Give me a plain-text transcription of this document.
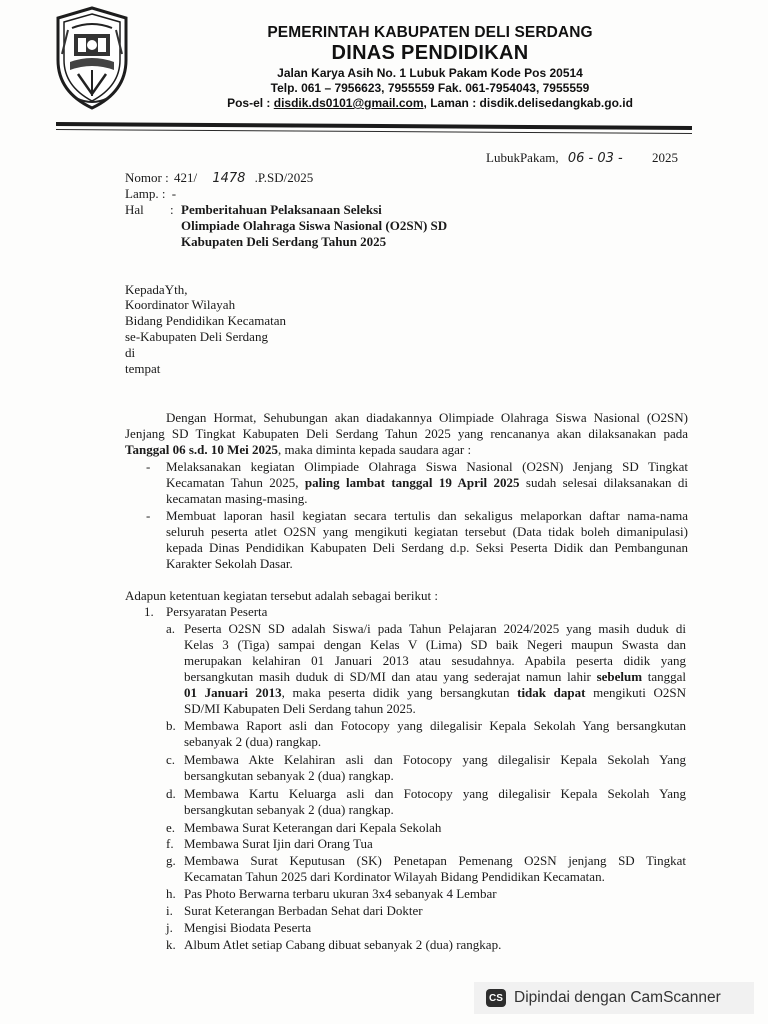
PEMERINTAH KABUPATEN DELI SERDANG
DINAS PENDIDIKAN
Jalan Karya Asih No. 1 Lubuk Pakam Kode Pos 20514
Telp. 061 – 7956623, 7955559 Fak. 061-7954043, 7955559
Pos-el : disdik.ds0101@gmail.com, Laman : disdik.delisedangkab.go.id
LubukPakam, 06 - 03 - 2025
Nomor : 421/ 1478 .P.SD/2025
Lamp. : -
Hal : Pemberitahuan Pelaksanaan Seleksi
Olimpiade Olahraga Siswa Nasional (O2SN) SD
Kabupaten Deli Serdang Tahun 2025
KepadaYth,
Koordinator Wilayah
Bidang Pendidikan Kecamatan
se-Kabupaten Deli Serdang
di
tempat
Dengan Hormat, Sehubungan akan diadakannya Olimpiade Olahraga Siswa Nasional (O2SN)
Jenjang SD Tingkat Kabupaten Deli Serdang Tahun 2025 yang rencananya akan dilaksanakan pada
Tanggal 06 s.d. 10 Mei 2025, maka diminta kepada saudara agar :
- Melaksanakan kegiatan Olimpiade Olahraga Siswa Nasional (O2SN) Jenjang SD Tingkat
Kecamatan Tahun 2025, paling lambat tanggal 19 April 2025 sudah selesai dilaksanakan di
kecamatan masing-masing.
- Membuat laporan hasil kegiatan secara tertulis dan sekaligus melaporkan daftar nama-nama
seluruh peserta atlet O2SN yang mengikuti kegiatan tersebut (Data tidak boleh dimanipulasi)
kepada Dinas Pendidikan Kabupaten Deli Serdang d.p. Seksi Peserta Didik dan Pembangunan
Karakter Sekolah Dasar.
Adapun ketentuan kegiatan tersebut adalah sebagai berikut :
1. Persyaratan Peserta
a. Peserta O2SN SD adalah Siswa/i pada Tahun Pelajaran 2024/2025 yang masih duduk di
Kelas 3 (Tiga) sampai dengan Kelas V (Lima) SD baik Negeri maupun Swasta dan
merupakan kelahiran 01 Januari 2013 atau sesudahnya. Apabila peserta didik yang
bersangkutan masih duduk di SD/MI dan atau yang sederajat namun lahir sebelum tanggal
01 Januari 2013, maka peserta didik yang bersangkutan tidak dapat mengikuti O2SN
SD/MI Kabupaten Deli Serdang tahun 2025.
b. Membawa Raport asli dan Fotocopy yang dilegalisir Kepala Sekolah Yang bersangkutan
sebanyak 2 (dua) rangkap.
c. Membawa Akte Kelahiran asli dan Fotocopy yang dilegalisir Kepala Sekolah Yang
bersangkutan sebanyak 2 (dua) rangkap.
d. Membawa Kartu Keluarga asli dan Fotocopy yang dilegalisir Kepala Sekolah Yang
bersangkutan sebanyak 2 (dua) rangkap.
e. Membawa Surat Keterangan dari Kepala Sekolah
f. Membawa Surat Ijin dari Orang Tua
g. Membawa Surat Keputusan (SK) Penetapan Pemenang O2SN jenjang SD Tingkat
Kecamatan Tahun 2025 dari Kordinator Wilayah Bidang Pendidikan Kecamatan.
h. Pas Photo Berwarna terbaru ukuran 3x4 sebanyak 4 Lembar
i. Surat Keterangan Berbadan Sehat dari Dokter
j. Mengisi Biodata Peserta
k. Album Atlet setiap Cabang dibuat sebanyak 2 (dua) rangkap.
CS Dipindai dengan CamScanner
